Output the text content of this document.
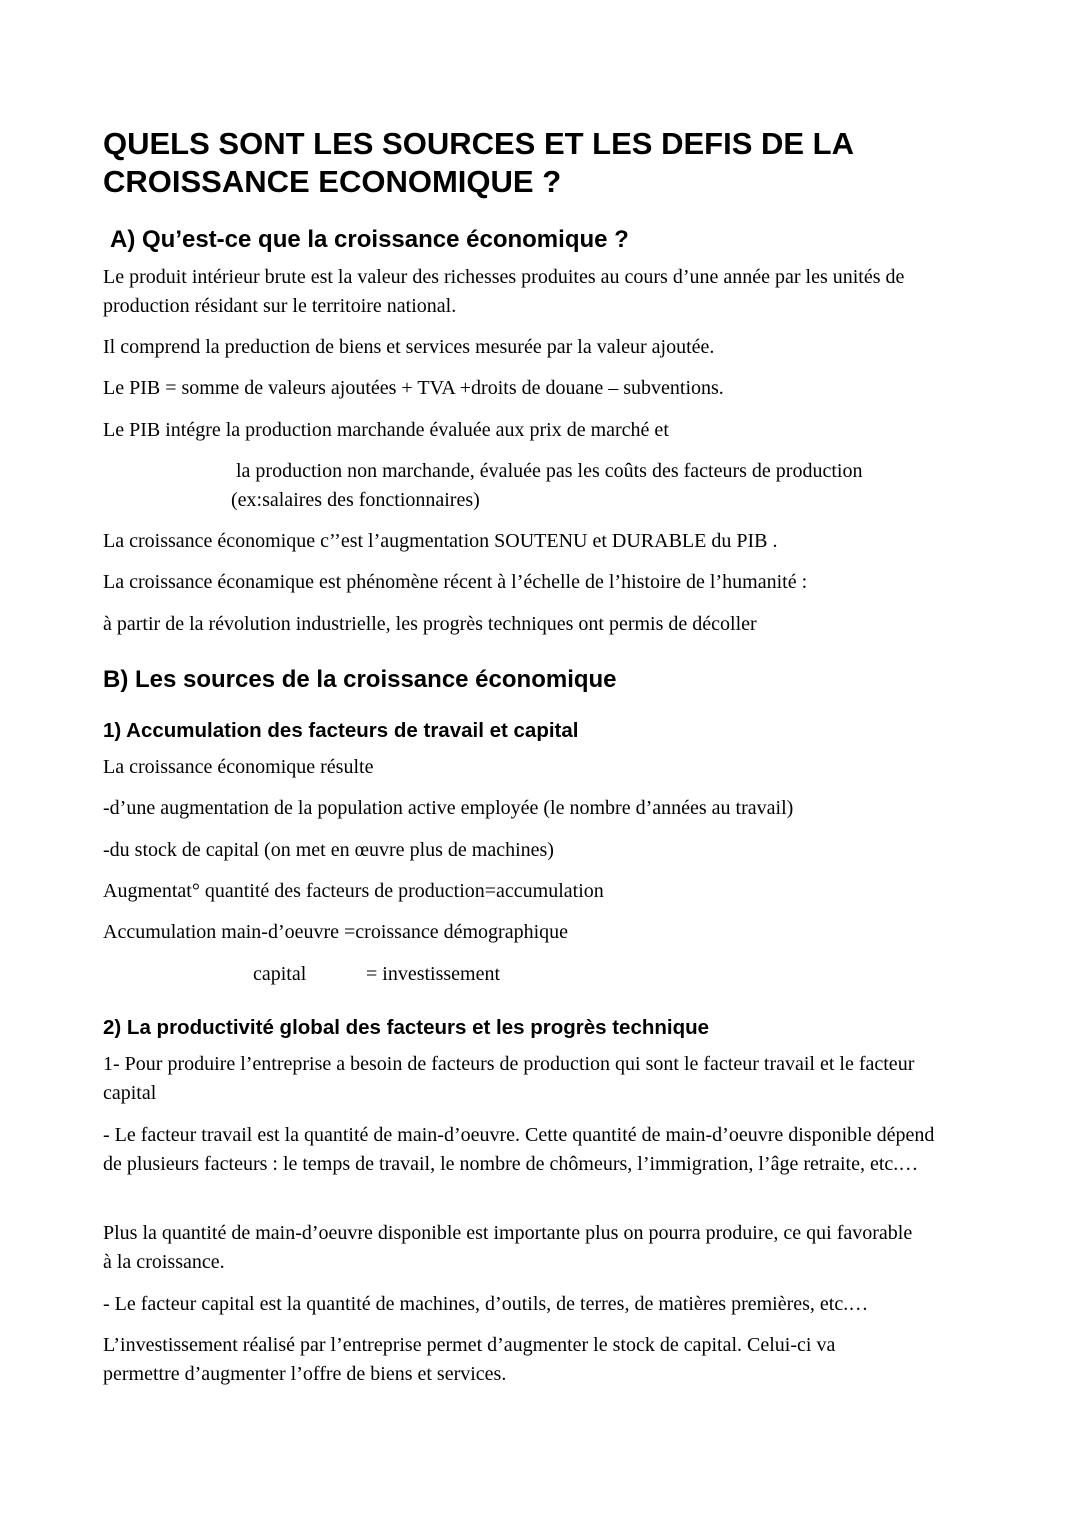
QUELS SONT LES SOURCES ET LES DEFIS DE LA
CROISSANCE ECONOMIQUE ?
A) Qu’est-ce que la croissance économique ?

Le produit intérieur brute est la valeur des richesses produites au cours d’une année par les unités de production résidant sur le territoire national.

Il comprend la preduction de biens et services mesurée par la valeur ajoutée.

Le PIB = somme de valeurs ajoutées + TVA +droits de douane – subventions.

Le PIB intégre la production marchande évaluée aux prix de marché et

la production non marchande, évaluée pas les coûts des facteurs de production

(ex:salaires des fonctionnaires)

La croissance économique c’’est l’augmentation SOUTENU et DURABLE du PIB .

La croissance éconamique est phénomène récent à l’échelle de l’histoire de l’humanité :

à partir de la révolution industrielle, les progrès techniques ont permis de décoller

B) Les sources de la croissance économique
1) Accumulation des facteurs de travail et capital

La croissance économique résulte

-d’une augmentation de la population active employée (le nombre d’années au travail)

-du stock de capital (on met en œuvre plus de machines)

Augmentat° quantité des facteurs de production=accumulation

Accumulation main-d’oeuvre =croissance démographique

capital	= investissement
2) La productivité global des facteurs et les progrès technique

1- Pour produire l’entreprise a besoin de facteurs de production qui sont le facteur travail et le facteur capital

- Le facteur travail est la quantité de main-d’oeuvre. Cette quantité de main-d’oeuvre disponible dépend de plusieurs facteurs : le temps de travail, le nombre de chômeurs, l’immigration, l’âge retraite, etc.…

Plus la quantité de main-d’oeuvre disponible est importante plus on pourra produire, ce qui favorable à la croissance.

- Le facteur capital est la quantité de machines, d’outils, de terres, de matières premières, etc.…

L’investissement réalisé par l’entreprise permet d’augmenter le stock de capital. Celui-ci va permettre d’augmenter l’offre de biens et services.
